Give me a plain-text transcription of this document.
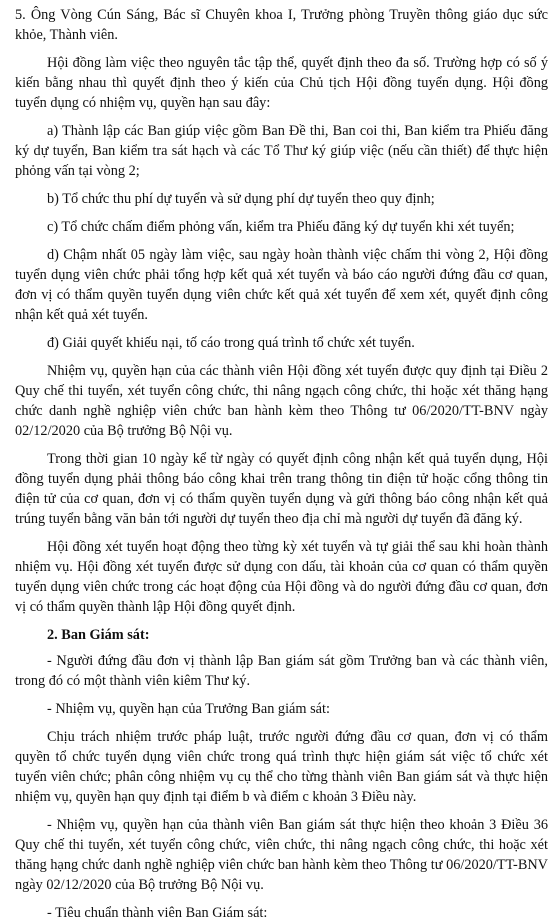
5. Ông Vòng Cún Sáng, Bác sĩ Chuyên khoa I, Trưởng phòng Truyền thông giáo dục sức khỏe, Thành viên.

Hội đồng làm việc theo nguyên tắc tập thể, quyết định theo đa số. Trường hợp có số ý kiến bằng nhau thì quyết định theo ý kiến của Chủ tịch Hội đồng tuyển dụng. Hội đồng tuyển dụng có nhiệm vụ, quyền hạn sau đây:

a) Thành lập các Ban giúp việc gồm Ban Đề thi, Ban coi thi, Ban kiểm tra Phiếu đăng ký dự tuyển, Ban kiểm tra sát hạch và các Tổ Thư ký giúp việc (nếu cần thiết) để thực hiện phỏng vấn tại vòng 2;

b) Tổ chức thu phí dự tuyển và sử dụng phí dự tuyển theo quy định;

c) Tổ chức chấm điểm phỏng vấn, kiểm tra Phiếu đăng ký dự tuyển khi xét tuyển;

d) Chậm nhất 05 ngày làm việc, sau ngày hoàn thành việc chấm thi vòng 2, Hội đồng tuyển dụng viên chức phải tổng hợp kết quả xét tuyển và báo cáo người đứng đầu cơ quan, đơn vị có thẩm quyền tuyển dụng viên chức kết quả xét tuyển để xem xét, quyết định công nhận kết quả xét tuyển.

đ) Giải quyết khiếu nại, tố cáo trong quá trình tổ chức xét tuyển.

Nhiệm vụ, quyền hạn của các thành viên Hội đồng xét tuyển được quy định tại Điều 2 Quy chế thi tuyển, xét tuyển công chức, thi nâng ngạch công chức, thi hoặc xét thăng hạng chức danh nghề nghiệp viên chức ban hành kèm theo Thông tư 06/2020/TT-BNV ngày 02/12/2020 của Bộ trưởng Bộ Nội vụ.

Trong thời gian 10 ngày kể từ ngày có quyết định công nhận kết quả tuyển dụng, Hội đồng tuyển dụng phải thông báo công khai trên trang thông tin điện tử hoặc cổng thông tin điện tử của cơ quan, đơn vị có thẩm quyền tuyển dụng và gửi thông báo công nhận kết quả trúng tuyển bằng văn bản tới người dự tuyển theo địa chỉ mà người dự tuyển đã đăng ký.

Hội đồng xét tuyển hoạt động theo từng kỳ xét tuyển và tự giải thể sau khi hoàn thành nhiệm vụ. Hội đồng xét tuyển được sử dụng con dấu, tài khoản của cơ quan có thẩm quyền tuyển dụng viên chức trong các hoạt động của Hội đồng và do người đứng đầu cơ quan, đơn vị có thẩm quyền thành lập Hội đồng quyết định.

2. Ban Giám sát:

- Người đứng đầu đơn vị thành lập Ban giám sát gồm Trưởng ban và các thành viên, trong đó có một thành viên kiêm Thư ký.

- Nhiệm vụ, quyền hạn của Trưởng Ban giám sát:

Chịu trách nhiệm trước pháp luật, trước người đứng đầu cơ quan, đơn vị có thẩm quyền tổ chức tuyển dụng viên chức trong quá trình thực hiện giám sát việc tổ chức xét tuyển viên chức; phân công nhiệm vụ cụ thể cho từng thành viên Ban giám sát và thực hiện nhiệm vụ, quyền hạn quy định tại điểm b và điểm c khoản 3 Điều này.

- Nhiệm vụ, quyền hạn của thành viên Ban giám sát thực hiện theo khoản 3 Điều 36 Quy chế thi tuyển, xét tuyển công chức, viên chức, thi nâng ngạch công chức, thi hoặc xét thăng hạng chức danh nghề nghiệp viên chức ban hành kèm theo Thông tư 06/2020/TT-BNV ngày 02/12/2020 của Bộ trưởng Bộ Nội vụ.

- Tiêu chuẩn thành viên Ban Giám sát:
